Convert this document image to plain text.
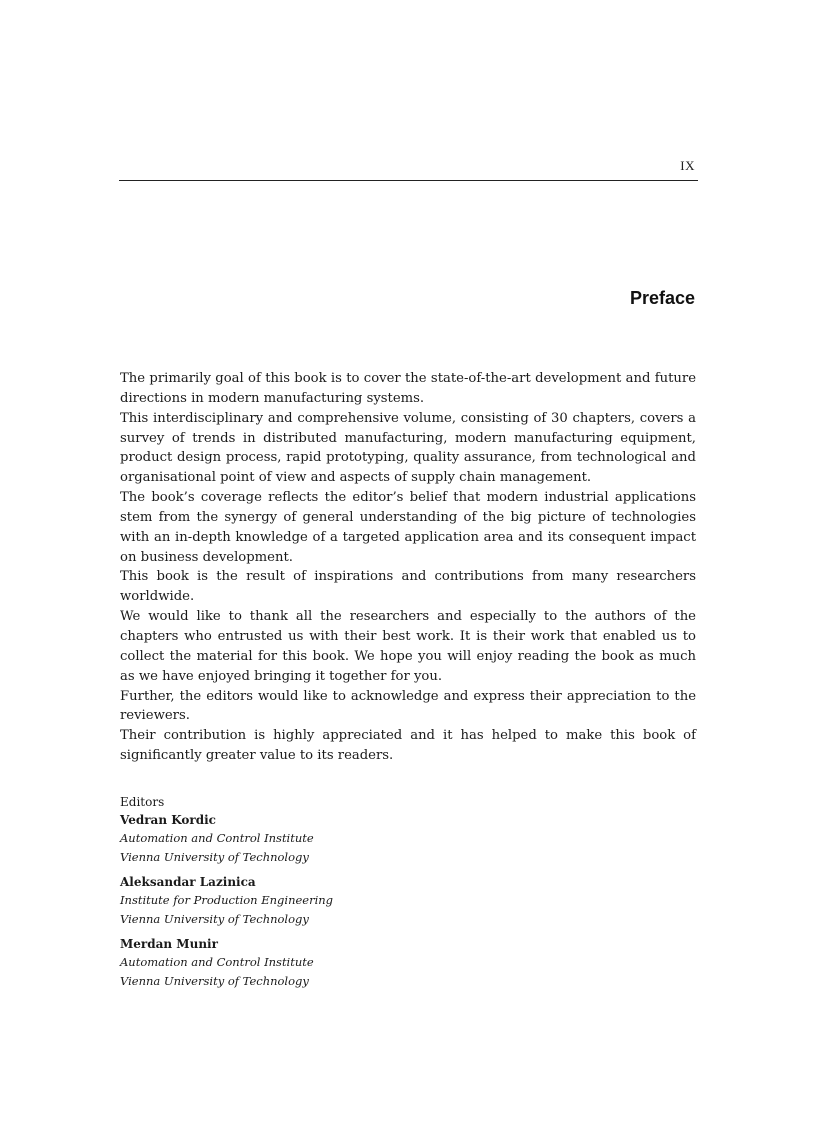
IX
Preface

The primarily goal of this book is to cover the state-of-the-art development and future directions in modern manufacturing systems.

This interdisciplinary and comprehensive volume, consisting of 30 chapters, covers a survey of trends in distributed manufacturing, modern manufacturing equipment, product design process, rapid prototyping, quality assurance, from technological and organisational point of view and aspects of supply chain management.

The book’s coverage reflects the editor’s belief that modern industrial applications stem from the synergy of general understanding of the big picture of technologies with an in-depth knowledge of a targeted application area and its consequent impact on business development.

This book is the result of inspirations and contributions from many researchers worldwide.

We would like to thank all the researchers and especially to the authors of the chapters who entrusted us with their best work. It is their work that enabled us to collect the material for this book. We hope you will enjoy reading the book as much as we have enjoyed bringing it together for you.

Further, the editors would like to acknowledge and express their appreciation to the reviewers.

Their contribution is highly appreciated and it has helped to make this book of significantly greater value to its readers.

Editors
Vedran Kordic
Automation and Control Institute
Vienna University of Technology
Aleksandar Lazinica
Institute for Production Engineering
Vienna University of Technology
Merdan Munir
Automation and Control Institute
Vienna University of Technology
